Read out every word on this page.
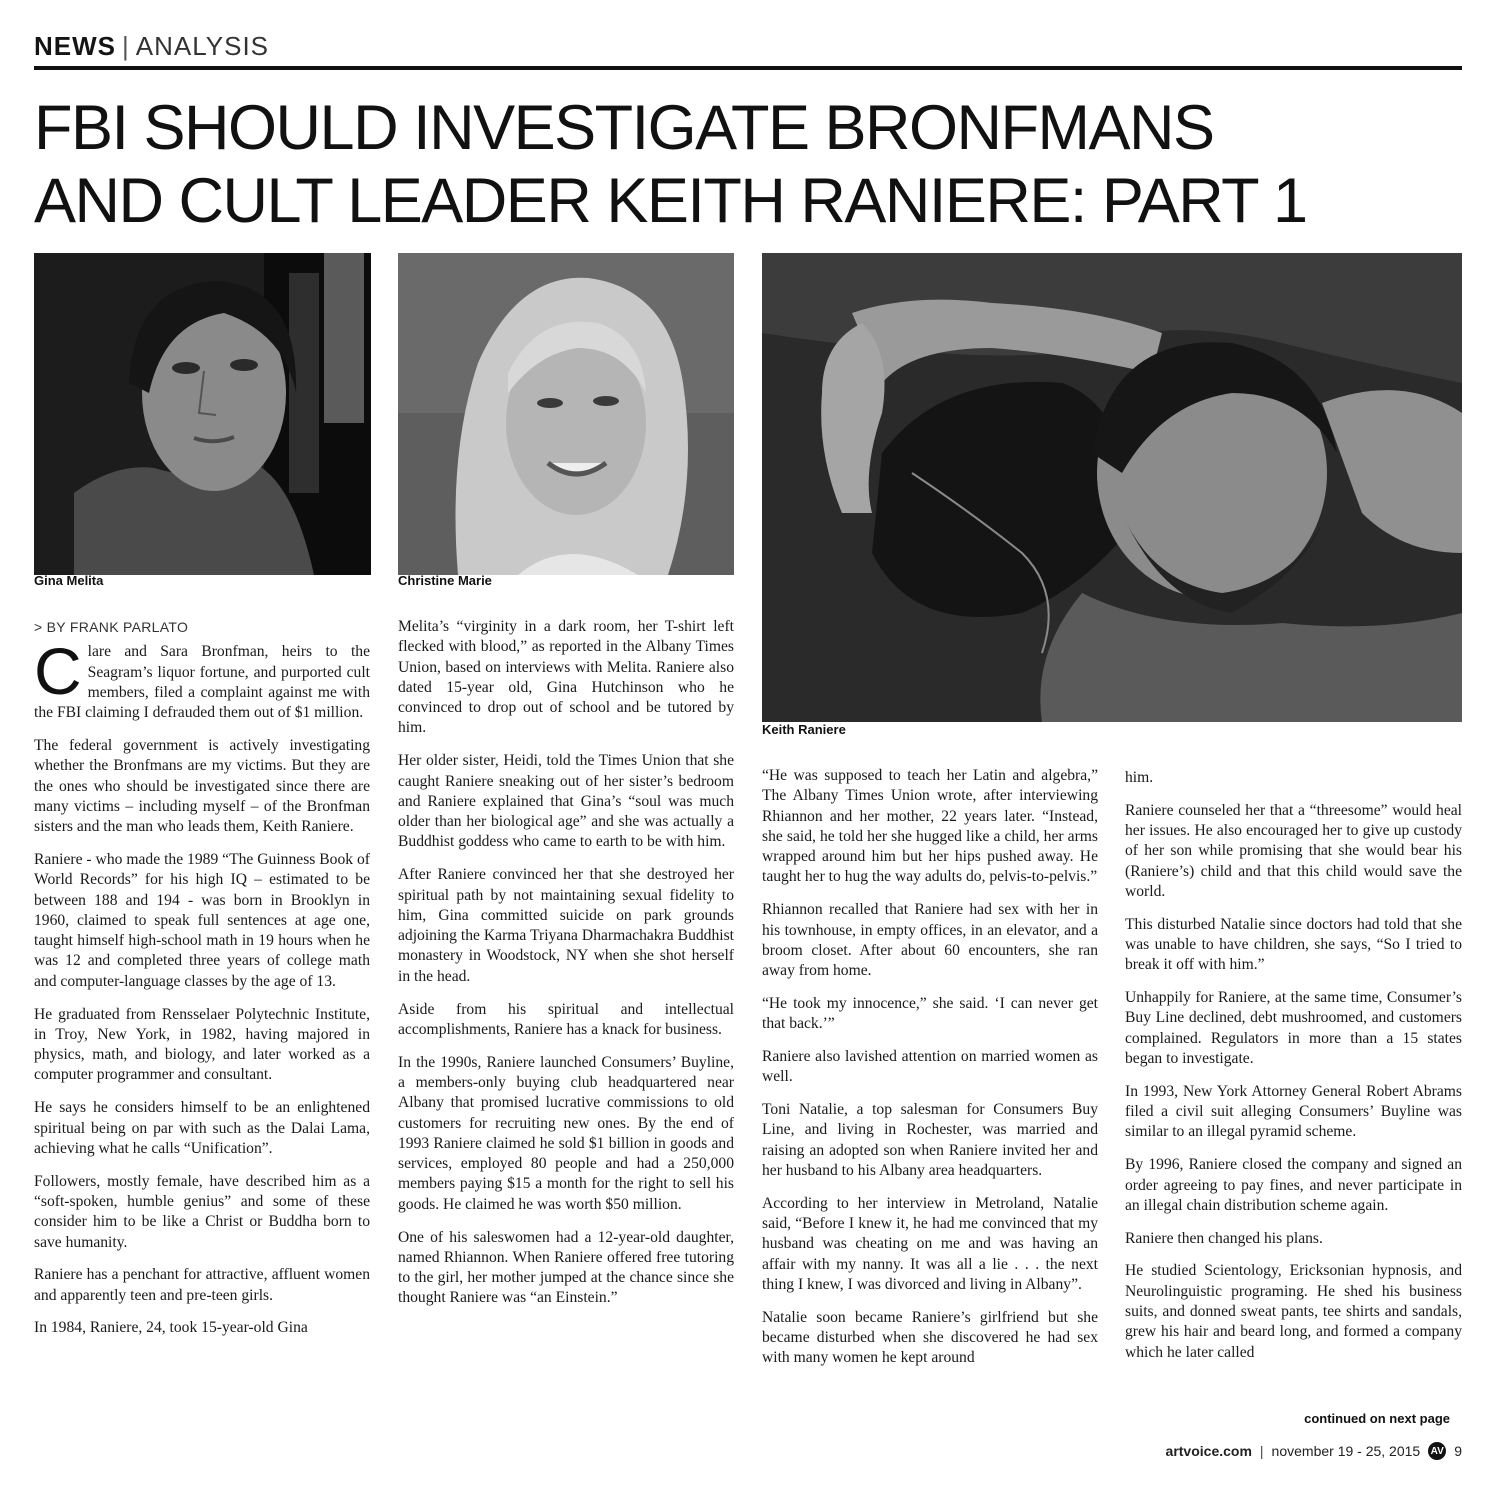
NEWS | ANALYSIS
FBI SHOULD INVESTIGATE BRONFMANS
AND CULT LEADER KEITH RANIERE: PART 1
Gina Melita	Christine Marie
Keith Raniere
> BY FRANK PARLATO

Clare and Sara Bronfman, heirs to the Seagram’s liquor fortune, and purported cult members, filed a complaint against me with the FBI claiming I defrauded them out of $1 million.

The federal government is actively investigating whether the Bronfmans are my victims. But they are the ones who should be investigated since there are many victims – including myself – of the Bronfman sisters and the man who leads them, Keith Raniere.

Raniere - who made the 1989 “The Guinness Book of World Records” for his high IQ – estimated to be between 188 and 194 - was born in Brooklyn in 1960, claimed to speak full sentences at age one, taught himself high-school math in 19 hours when he was 12 and completed three years of college math and computer-language classes by the age of 13.

He graduated from Rensselaer Polytechnic Institute, in Troy, New York, in 1982, having majored in physics, math, and biology, and later worked as a computer programmer and consultant.

He says he considers himself to be an enlightened spiritual being on par with such as the Dalai Lama, achieving what he calls “Unification”.

Followers, mostly female, have described him as a “soft-spoken, humble genius” and some of these consider him to be like a Christ or Buddha born to save humanity.

Raniere has a penchant for attractive, affluent women and apparently teen and pre-teen girls.

In 1984, Raniere, 24, took 15-year-old Gina

Melita’s “virginity in a dark room, her T-shirt left flecked with blood,” as reported in the Albany Times Union, based on interviews with Melita. Raniere also dated 15-year old, Gina Hutchinson who he convinced to drop out of school and be tutored by him.

Her older sister, Heidi, told the Times Union that she caught Raniere sneaking out of her sister’s bedroom and Raniere explained that Gina’s “soul was much older than her biological age” and she was actually a Buddhist goddess who came to earth to be with him.

After Raniere convinced her that she destroyed her spiritual path by not maintaining sexual fidelity to him, Gina committed suicide on park grounds adjoining the Karma Triyana Dharmachakra Buddhist monastery in Woodstock, NY when she shot herself in the head.

Aside from his spiritual and intellectual accomplishments, Raniere has a knack for business.

In the 1990s, Raniere launched Consumers’ Buyline, a members-only buying club headquartered near Albany that promised lucrative commissions to old customers for recruiting new ones. By the end of 1993 Raniere claimed he sold $1 billion in goods and services, employed 80 people and had a 250,000 members paying $15 a month for the right to sell his goods. He claimed he was worth $50 million.

One of his saleswomen had a 12-year-old daughter, named Rhiannon. When Raniere offered free tutoring to the girl, her mother jumped at the chance since she thought Raniere was “an Einstein.”

“He was supposed to teach her Latin and algebra,” The Albany Times Union wrote, after interviewing Rhiannon and her mother, 22 years later. “Instead, she said, he told her she hugged like a child, her arms wrapped around him but her hips pushed away. He taught her to hug the way adults do, pelvis-to-pelvis.”

Rhiannon recalled that Raniere had sex with her in his townhouse, in empty offices, in an elevator, and a broom closet. After about 60 encounters, she ran away from home.

“He took my innocence,” she said. ‘I can never get that back.’”

Raniere also lavished attention on married women as well.

Toni Natalie, a top salesman for Consumers Buy Line, and living in Rochester, was married and raising an adopted son when Raniere invited her and her husband to his Albany area headquarters.

According to her interview in Metroland, Natalie said, “Before I knew it, he had me convinced that my husband was cheating on me and was having an affair with my nanny. It was all a lie . . . the next thing I knew, I was divorced and living in Albany”.

Natalie soon became Raniere’s girlfriend but she became disturbed when she discovered he had sex with many women he kept around

him.

Raniere counseled her that a “threesome” would heal her issues. He also encouraged her to give up custody of her son while promising that she would bear his (Raniere’s) child and that this child would save the world.

This disturbed Natalie since doctors had told that she was unable to have children, she says, “So I tried to break it off with him.”

Unhappily for Raniere, at the same time, Consumer’s Buy Line declined, debt mushroomed, and customers complained. Regulators in more than a 15 states began to investigate.

In 1993, New York Attorney General Robert Abrams filed a civil suit alleging Consumers’ Buyline was similar to an illegal pyramid scheme.

By 1996, Raniere closed the company and signed an order agreeing to pay fines, and never participate in an illegal chain distribution scheme again.

Raniere then changed his plans.

He studied Scientology, Ericksonian hypnosis, and Neurolinguistic programing. He shed his business suits, and donned sweat pants, tee shirts and sandals, grew his hair and beard long, and formed a company which he later called

continued on next page
artvoice.com | november 19 - 25, 2015 AV 9
